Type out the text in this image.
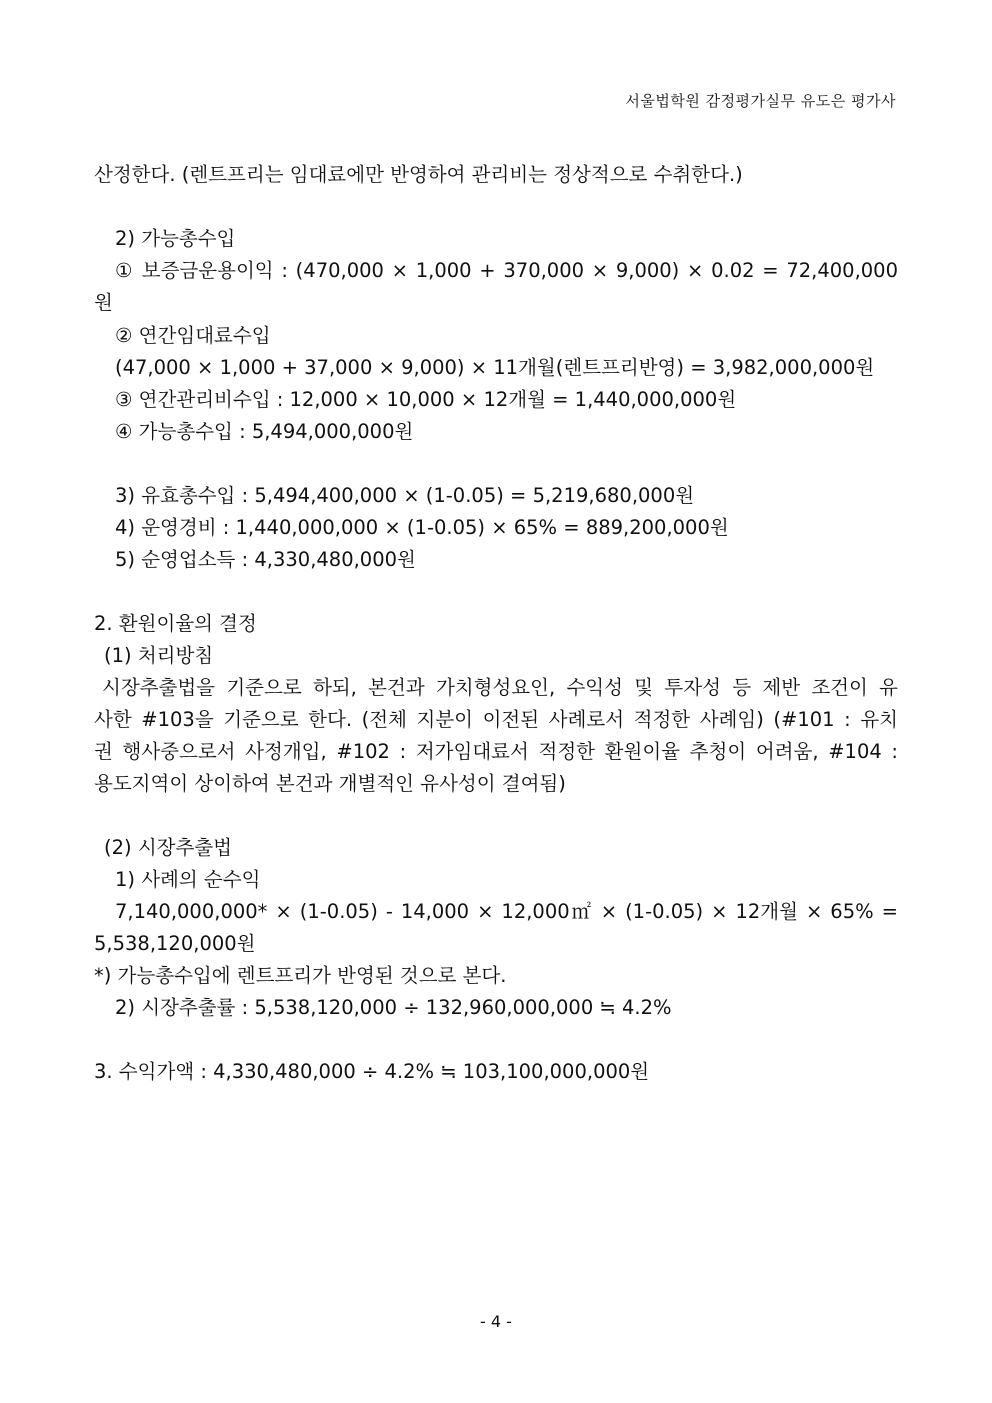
서울법학원 감정평가실무 유도은 평가사
산정한다. (렌트프리는 임대료에만 반영하여 관리비는 정상적으로 수취한다.)
2) 가능총수입
① 보증금운용이익 : (470,000 × 1,000 + 370,000 × 9,000) × 0.02 = 72,400,000
원
② 연간임대료수입
(47,000 × 1,000 + 37,000 × 9,000) × 11개월(렌트프리반영) = 3,982,000,000원
③ 연간관리비수입 : 12,000 × 10,000 × 12개월 = 1,440,000,000원
④ 가능총수입 : 5,494,000,000원
3) 유효총수입 : 5,494,400,000 × (1-0.05) = 5,219,680,000원
4) 운영경비 : 1,440,000,000 × (1-0.05) × 65% = 889,200,000원
5) 순영업소득 : 4,330,480,000원
2. 환원이율의 결정
(1) 처리방침
시장추출법을 기준으로 하되, 본건과 가치형성요인, 수익성 및 투자성 등 제반 조건이 유
사한 #103을 기준으로 한다. (전체 지분이 이전된 사례로서 적정한 사례임) (#101 : 유치
권 행사중으로서 사정개입, #102 : 저가임대료서 적정한 환원이율 추청이 어려움, #104 :
용도지역이 상이하여 본건과 개별적인 유사성이 결여됨)
(2) 시장추출법
1) 사례의 순수익
7,140,000,000* × (1-0.05) - 14,000 × 12,000㎡ × (1-0.05) × 12개월 × 65% =
5,538,120,000원
*) 가능총수입에 렌트프리가 반영된 것으로 본다.
2) 시장추출률 : 5,538,120,000 ÷ 132,960,000,000 ≒ 4.2%
3. 수익가액 : 4,330,480,000 ÷ 4.2% ≒ 103,100,000,000원
- 4 -
